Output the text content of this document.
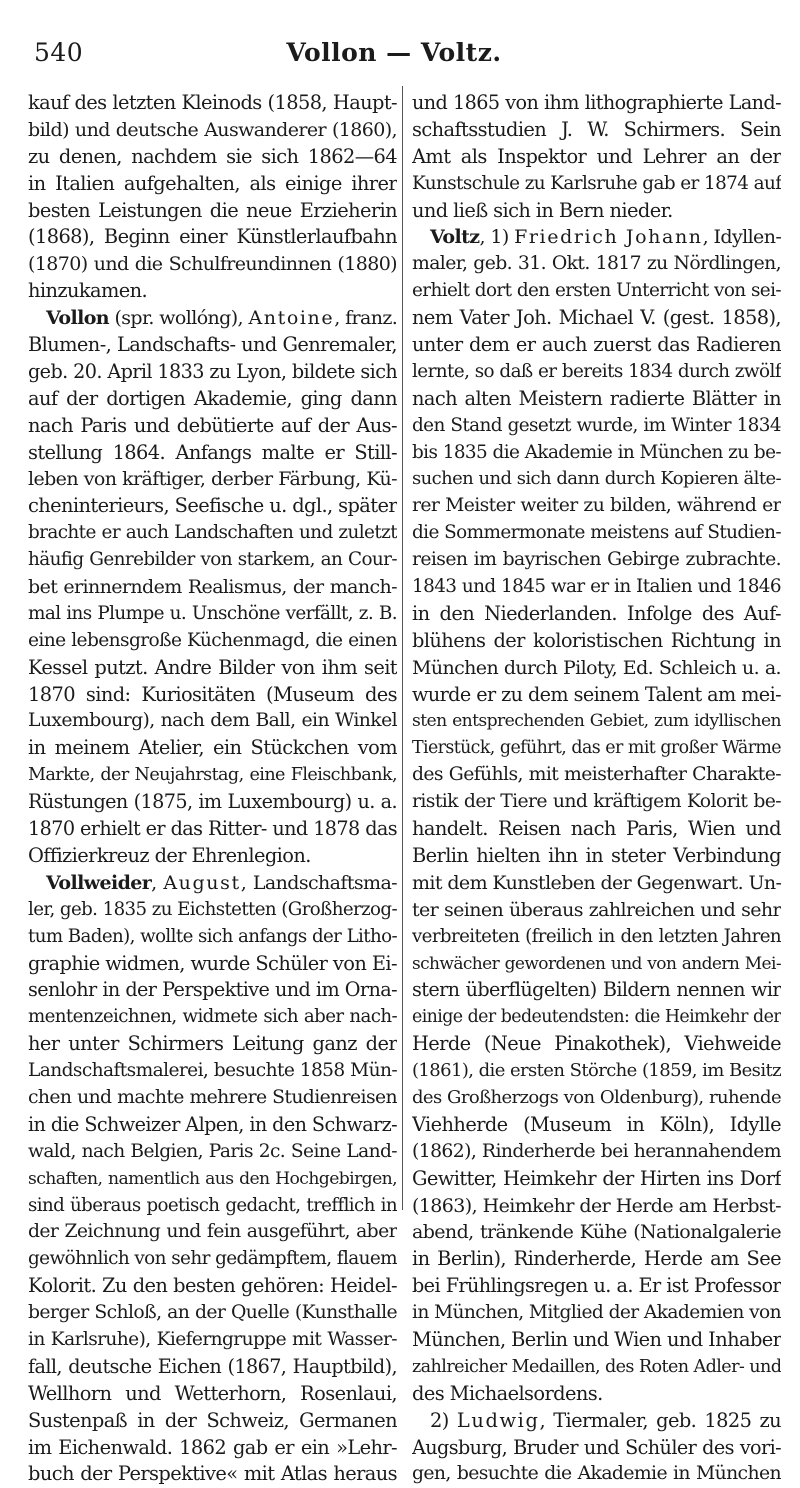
Vollon — Voltz.
540
kauf des letzten Kleinods (1858, Haupt-
bild) und deutsche Auswanderer (1860),
zu denen, nachdem sie sich 1862—64
in Italien aufgehalten, als einige ihrer
besten Leistungen die neue Erzieherin
(1868), Beginn einer Künstlerlaufbahn
(1870) und die Schulfreundinnen (1880)
hinzukamen.
Vollon (spr. wollóng), Antoine, franz.
Blumen-, Landschafts- und Genremaler,
geb. 20. April 1833 zu Lyon, bildete sich
auf der dortigen Akademie, ging dann
nach Paris und debütierte auf der Aus-
stellung 1864. Anfangs malte er Still-
leben von kräftiger, derber Färbung, Kü-
cheninterieurs, Seefische u. dgl., später
brachte er auch Landschaften und zuletzt
häufig Genrebilder von starkem, an Cour-
bet erinnerndem Realismus, der manch-
mal ins Plumpe u. Unschöne verfällt, z. B.
eine lebensgroße Küchenmagd, die einen
Kessel putzt. Andre Bilder von ihm seit
1870 sind: Kuriositäten (Museum des
Luxembourg), nach dem Ball, ein Winkel
in meinem Atelier, ein Stückchen vom
Markte, der Neujahrstag, eine Fleischbank,
Rüstungen (1875, im Luxembourg) u. a.
1870 erhielt er das Ritter- und 1878 das
Offizierkreuz der Ehrenlegion.
Vollweider, August, Landschaftsma-
ler, geb. 1835 zu Eichstetten (Großherzog-
tum Baden), wollte sich anfangs der Litho-
graphie widmen, wurde Schüler von Ei-
senlohr in der Perspektive und im Orna-
mentenzeichnen, widmete sich aber nach-
her unter Schirmers Leitung ganz der
Landschaftsmalerei, besuchte 1858 Mün-
chen und machte mehrere Studienreisen
in die Schweizer Alpen, in den Schwarz-
wald, nach Belgien, Paris 2c. Seine Land-
schaften, namentlich aus den Hochgebirgen,
sind überaus poetisch gedacht, trefflich in
der Zeichnung und fein ausgeführt, aber
gewöhnlich von sehr gedämpftem, flauem
Kolorit. Zu den besten gehören: Heidel-
berger Schloß, an der Quelle (Kunsthalle
in Karlsruhe), Kieferngruppe mit Wasser-
fall, deutsche Eichen (1867, Hauptbild),
Wellhorn und Wetterhorn, Rosenlaui,
Sustenpaß in der Schweiz, Germanen
im Eichenwald. 1862 gab er ein »Lehr-
buch der Perspektive« mit Atlas heraus
und 1865 von ihm lithographierte Land-
schaftsstudien J. W. Schirmers. Sein
Amt als Inspektor und Lehrer an der
Kunstschule zu Karlsruhe gab er 1874 auf
und ließ sich in Bern nieder.
Voltz, 1) Friedrich Johann, Idyllen-
maler, geb. 31. Okt. 1817 zu Nördlingen,
erhielt dort den ersten Unterricht von sei-
nem Vater Joh. Michael V. (gest. 1858),
unter dem er auch zuerst das Radieren
lernte, so daß er bereits 1834 durch zwölf
nach alten Meistern radierte Blätter in
den Stand gesetzt wurde, im Winter 1834
bis 1835 die Akademie in München zu be-
suchen und sich dann durch Kopieren älte-
rer Meister weiter zu bilden, während er
die Sommermonate meistens auf Studien-
reisen im bayrischen Gebirge zubrachte.
1843 und 1845 war er in Italien und 1846
in den Niederlanden. Infolge des Auf-
blühens der koloristischen Richtung in
München durch Piloty, Ed. Schleich u. a.
wurde er zu dem seinem Talent am mei-
sten entsprechenden Gebiet, zum idyllischen
Tierstück, geführt, das er mit großer Wärme
des Gefühls, mit meisterhafter Charakte-
ristik der Tiere und kräftigem Kolorit be-
handelt. Reisen nach Paris, Wien und
Berlin hielten ihn in steter Verbindung
mit dem Kunstleben der Gegenwart. Un-
ter seinen überaus zahlreichen und sehr
verbreiteten (freilich in den letzten Jahren
schwächer gewordenen und von andern Mei-
stern überflügelten) Bildern nennen wir
einige der bedeutendsten: die Heimkehr der
Herde (Neue Pinakothek), Viehweide
(1861), die ersten Störche (1859, im Besitz
des Großherzogs von Oldenburg), ruhende
Viehherde (Museum in Köln), Idylle
(1862), Rinderherde bei herannahendem
Gewitter, Heimkehr der Hirten ins Dorf
(1863), Heimkehr der Herde am Herbst-
abend, tränkende Kühe (Nationalgalerie
in Berlin), Rinderherde, Herde am See
bei Frühlingsregen u. a. Er ist Professor
in München, Mitglied der Akademien von
München, Berlin und Wien und Inhaber
zahlreicher Medaillen, des Roten Adler- und
des Michaelsordens.
2) Ludwig, Tiermaler, geb. 1825 zu
Augsburg, Bruder und Schüler des vori-
gen, besuchte die Akademie in München
